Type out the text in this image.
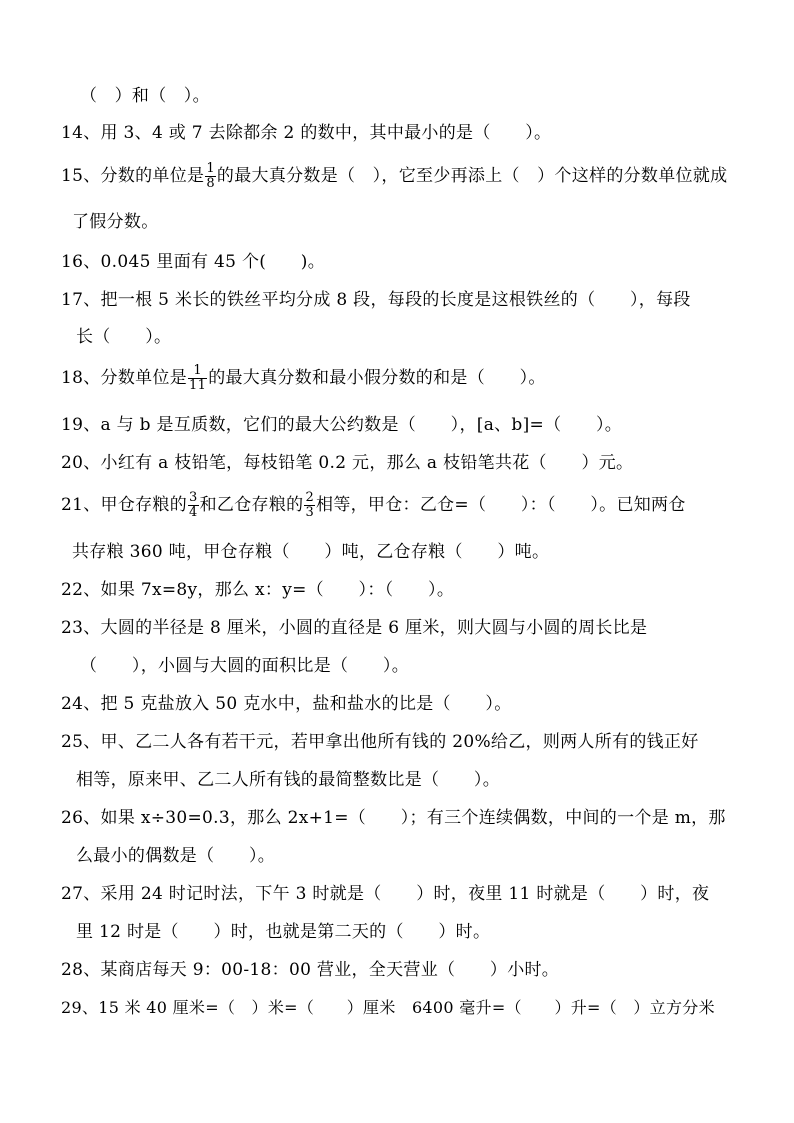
（　）和（　）。
14、用 3、4 或 7 去除都余 2 的数中，其中最小的是（　　）。
15、分数的单位是 $\frac{1}{8}$ 的最大真分数是（　），它至少再添上（　）个这样的分数单位就成
了假分数。
16、0.045 里面有 45 个(　　)。
17、把一根 5 米长的铁丝平均分成 8 段，每段的长度是这根铁丝的（　　），每段
长（　　）。
18、分数单位是 $\frac{1}{11}$ 的最大真分数和最小假分数的和是（　　）。
19、a 与 b 是互质数，它们的最大公约数是（　　），[a、b]=（　　）。
20、小红有 a 枝铅笔，每枝铅笔 0.2 元，那么 a 枝铅笔共花（　　）元。
21、甲仓存粮的 $\frac{3}{4}$ 和乙仓存粮的 $\frac{2}{3}$ 相等，甲仓：乙仓=（　　）：（　　）。已知两仓
共存粮 360 吨，甲仓存粮（　　）吨，乙仓存粮（　　）吨。
22、如果 7x=8y，那么 x：y=（　　）：（　　）。
23、大圆的半径是 8 厘米，小圆的直径是 6 厘米，则大圆与小圆的周长比是
（　　），小圆与大圆的面积比是（　　）。
24、把 5 克盐放入 50 克水中，盐和盐水的比是（　　）。
25、甲、乙二人各有若干元，若甲拿出他所有钱的 20%给乙，则两人所有的钱正好
相等，原来甲、乙二人所有钱的最简整数比是（　　）。
26、如果 x÷30=0.3，那么 2x+1=（　　）；有三个连续偶数，中间的一个是 m，那
么最小的偶数是（　　）。
27、采用 24 时记时法，下午 3 时就是（　　）时，夜里 11 时就是（　　）时，夜
里 12 时是（　　）时，也就是第二天的（　　）时。
28、某商店每天 9：00-18：00 营业，全天营业（　　）小时。
29、15 米 40 厘米=（　）米=（　　）厘米　6400 毫升=（　　）升=（　）立方分米
